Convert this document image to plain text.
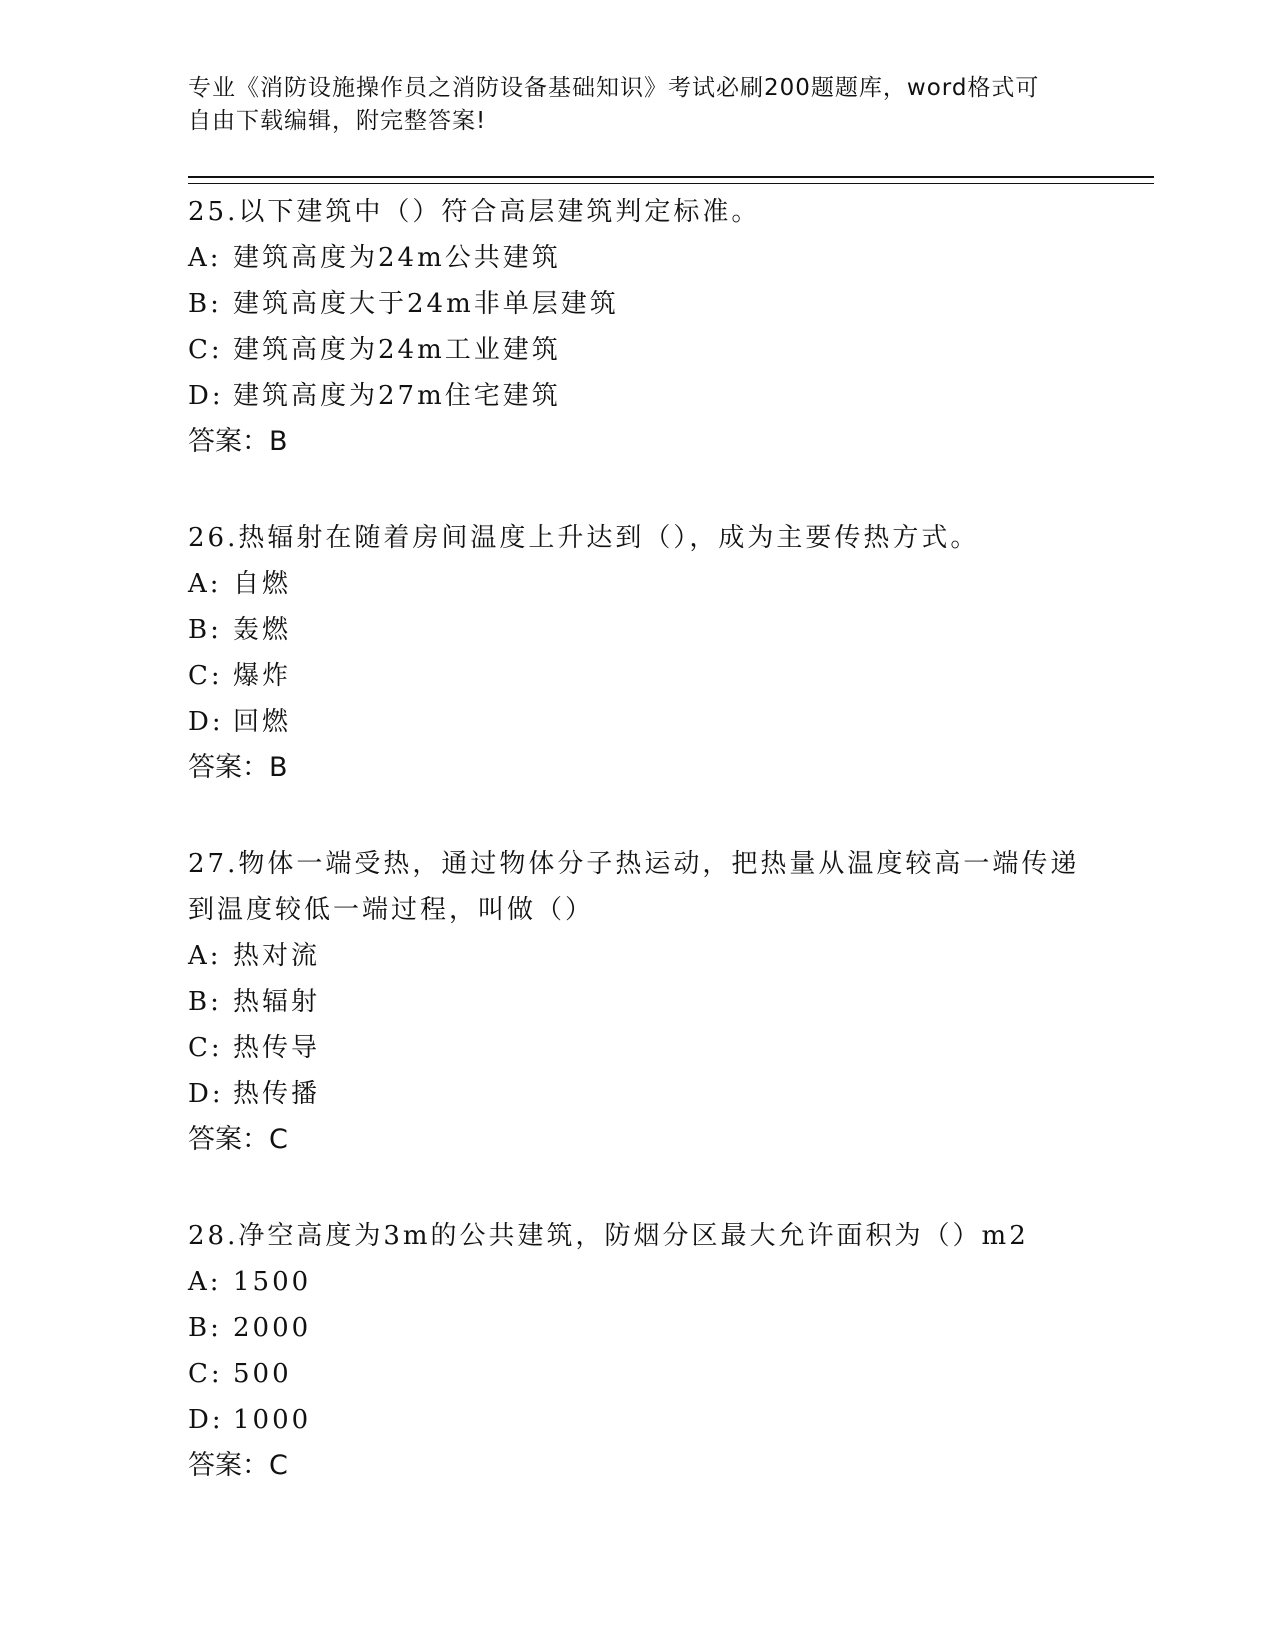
专业《消防设施操作员之消防设备基础知识》考试必刷200题题库，word格式可
自由下载编辑，附完整答案!

25.以下建筑中（）符合高层建筑判定标准。

A: 建筑高度为24m公共建筑

B: 建筑高度大于24m非单层建筑

C: 建筑高度为24m工业建筑

D: 建筑高度为27m住宅建筑

答案：B

26.热辐射在随着房间温度上升达到（），成为主要传热方式。

A: 自燃

B: 轰燃

C: 爆炸

D: 回燃

答案：B

27.物体一端受热，通过物体分子热运动，把热量从温度较高一端传递到温度较低一端过程，叫做（）

A: 热对流

B: 热辐射

C: 热传导

D: 热传播

答案：C

28.净空高度为3m的公共建筑，防烟分区最大允许面积为（）m2

A: 1500

B: 2000

C: 500

D: 1000

答案：C
